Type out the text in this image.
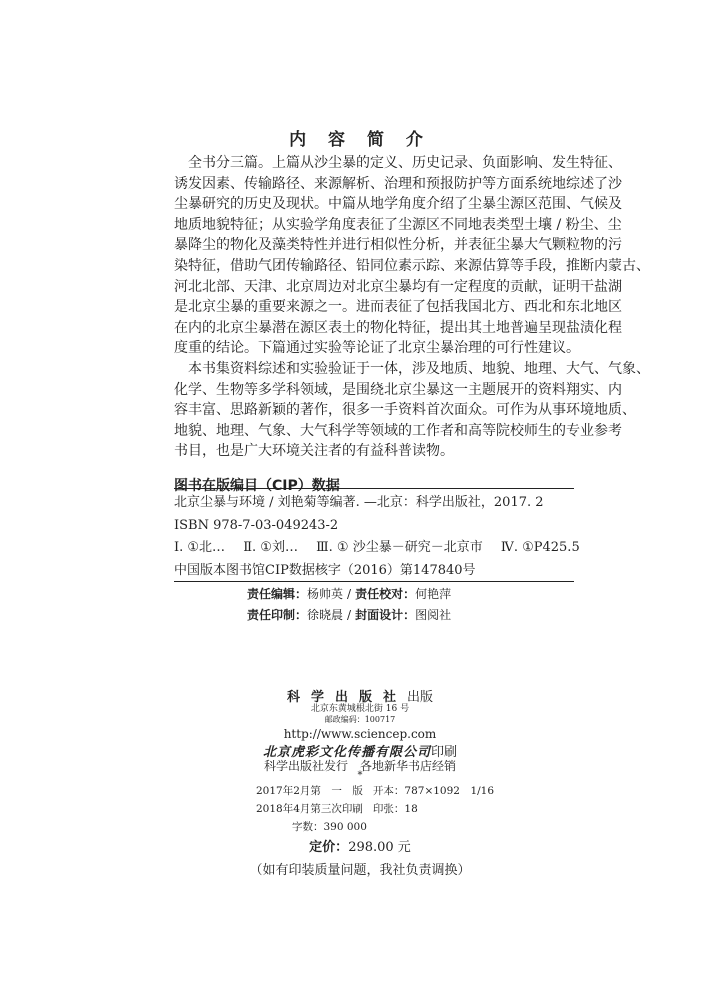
内 容 简 介
全书分三篇。上篇从沙尘暴的定义、历史记录、负面影响、发生特征、
诱发因素、传输路径、来源解析、治理和预报防护等方面系统地综述了沙
尘暴研究的历史及现状。中篇从地学角度介绍了尘暴尘源区范围、气候及
地质地貌特征；从实验学角度表征了尘源区不同地表类型土壤 / 粉尘、尘
暴降尘的物化及藻类特性并进行相似性分析，并表征尘暴大气颗粒物的污
染特征，借助气团传输路径、铅同位素示踪、来源估算等手段，推断内蒙古、
河北北部、天津、北京周边对北京尘暴均有一定程度的贡献，证明干盐湖
是北京尘暴的重要来源之一。进而表征了包括我国北方、西北和东北地区
在内的北京尘暴潜在源区表土的物化特征，提出其土地普遍呈现盐渍化程
度重的结论。下篇通过实验等论证了北京尘暴治理的可行性建议。
本书集资料综述和实验验证于一体，涉及地质、地貌、地理、大气、气象、
化学、生物等多学科领域，是围绕北京尘暴这一主题展开的资料翔实、内
容丰富、思路新颖的著作，很多一手资料首次面众。可作为从事环境地质、
地貌、地理、气象、大气科学等领域的工作者和高等院校师生的专业参考
书目，也是广大环境关注者的有益科普读物。
图书在版编目（CIP）数据
北京尘暴与环境 / 刘艳菊等编著. —北京：科学出版社，2017. 2
ISBN 978-7-03-049243-2
Ⅰ. ①北… Ⅱ. ①刘… Ⅲ. ① 沙尘暴－研究－北京市 Ⅳ. ①P425.5
中国版本图书馆CIP数据核字（2016）第147840号
责任编辑：杨帅英 / 责任校对：何艳萍
责任印制：徐晓晨 / 封面设计：图阅社
科学出版社出版
北京东黄城根北街 16 号
邮政编码：100717
http://www.sciencep.com
北京虎彩文化传播有限公司印刷
科学出版社发行　各地新华书店经销
*
2017年2月第　一　版 开本：787×1092　1/16
2018年4月第三次印刷 印张：18
字数：390 000
定价：298.00 元
（如有印装质量问题，我社负责调换）
